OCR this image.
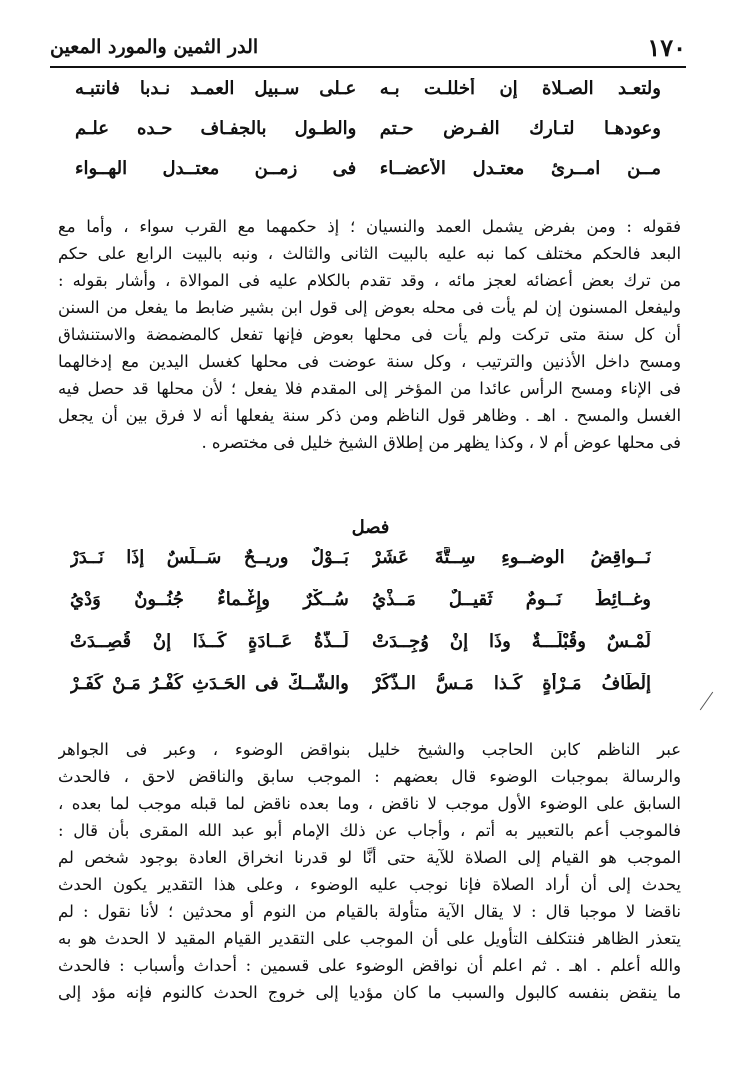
١٧٠
الدر الثمين والمورد المعين
ولتعـد الصـلاة إن أخللـت بـه
عـلى سـبيل العمـد نـدبا فانتبـه
وعودهـا لتـارك الفـرض حـتم
والطـول بالجفـاف حـده علـم
مــن امــرئ معتـدل الأعضــاء
فى زمــن معتــدل الهــواء
فقوله : ومن بفرض يشمل العمد والنسيان ؛ إذ حكمهما مع القرب سواء ، وأما مع
البعد فالحكم مختلف كما نبه عليه بالبيت الثانى والثالث ، ونبه بالبيت الرابع على حكم
من ترك بعض أعضائه لعجز مائه ، وقد تقدم بالكلام عليه فى الموالاة ، وأشار بقوله :
وليفعل المسنون إن لم يأت فى محله بعوض إلى قول ابن بشير ضابط ما يفعل من السنن
أن كل سنة متى تركت ولم يأت فى محلها بعوض فإنها تفعل كالمضمضة والاستنشاق
ومسح داخل الأذنين والترتيب ، وكل سنة عوضت فى محلها كغسل اليدين مع إدخالهما
فى الإناء ومسح الرأس عائدا من المؤخر إلى المقدم فلا يفعل ؛ لأن محلها قد حصل فيه
الغسل والمسح . اهـ . وظاهر قول الناظم ومن ذكر سنة يفعلها أنه لا فرق بين أن يجعل
فى محلها عوض أم لا ، وكذا يظهر من إطلاق الشيخ خليل فى مختصره .
فصل
نَــواقِضُ الوضــوءِ سِــتَّةَ عَشَرْ
بَــوْلٌ وريــحٌ سَــلَسٌ إذَا نَــدَرْ
وغــائِطٌ نَــومٌ ثَقيــلٌ مَــذْيُ
سُــكْرٌ وإِغْـماءٌ جُنُــونٌ وَدْيُ
لَمْـسٌ وقُبْلَـــةٌ وذَا إنْ وُجِــدَتْ
لَــذَّةُ عَــادَةٍ كَــذَا إنْ قُصِــدَتْ
إلْطَافُ مَـرْأةٍ كَـذا مَـسُّ الـذَّكَرْ
والشَّــكُّ فى الحَـدَثِ كُفْـرُ مَـنْ كَفَـرْ
عبر الناظم كابن الحاجب والشيخ خليل بنواقض الوضوء ، وعبر فى الجواهر
والرسالة بموجبات الوضوء قال بعضهم : الموجب سابق والناقض لاحق ، فالحدث
السابق على الوضوء الأول موجب لا ناقض ، وما بعده ناقض لما قبله موجب لما بعده ،
فالموجب أعم بالتعبير به أتم ، وأجاب عن ذلك الإمام أبو عبد الله المقرى بأن قال :
الموجب هو القيام إلى الصلاة للآية حتى أنَّا لو قدرنا انخراق العادة بوجود شخص لم
يحدث إلى أن أراد الصلاة فإنا نوجب عليه الوضوء ، وعلى هذا التقدير يكون الحدث
ناقضا لا موجبا قال : لا يقال الآية متأولة بالقيام من النوم أو محدثين ؛ لأنا نقول : لم
يتعذر الظاهر فنتكلف التأويل على أن الموجب على التقدير القيام المقيد لا الحدث هو به
والله أعلم . اهـ . ثم اعلم أن نواقض الوضوء على قسمين : أحداث وأسباب : فالحدث
ما ينقض بنفسه كالبول والسبب ما كان مؤديا إلى خروج الحدث كالنوم فإنه مؤد إلى
